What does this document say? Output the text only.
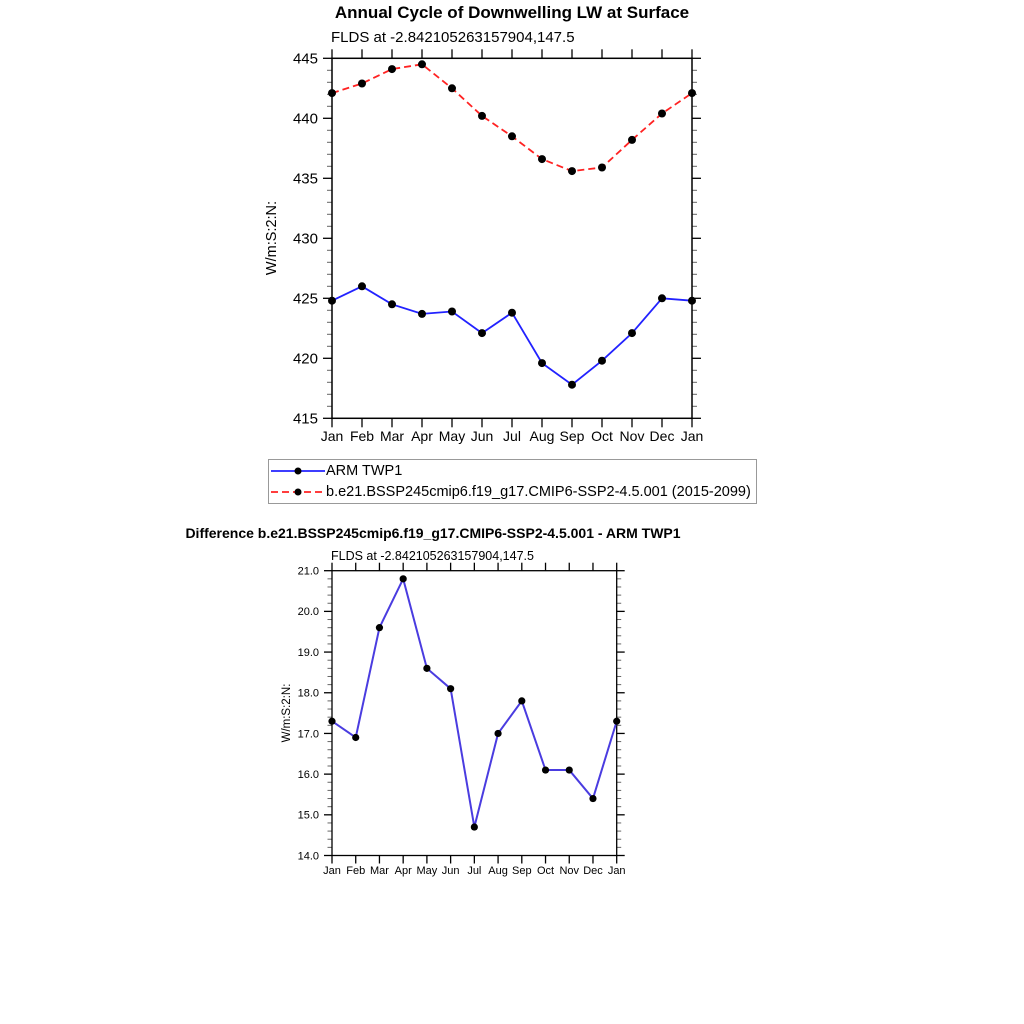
415
420
425
430
435
440
445
Jan Feb Mar Apr May Jun Jul Aug Sep Oct Nov Dec Jan
14.0
15.0
16.0
17.0
18.0
19.0
20.0
21.0
Jan Feb Mar Apr May Jun Jul Aug Sep Oct Nov Dec Jan
Annual Cycle of Downwelling LW at Surface
FLDS at -2.842105263157904,147.5
W/m:S:2:N:
ARM TWP1
b.e21.BSSP245cmip6.f19_g17.CMIP6-SSP2-4.5.001 (2015-2099)
Difference b.e21.BSSP245cmip6.f19_g17.CMIP6-SSP2-4.5.001 - ARM TWP1
FLDS at -2.842105263157904,147.5
W/m:S:2:N:
